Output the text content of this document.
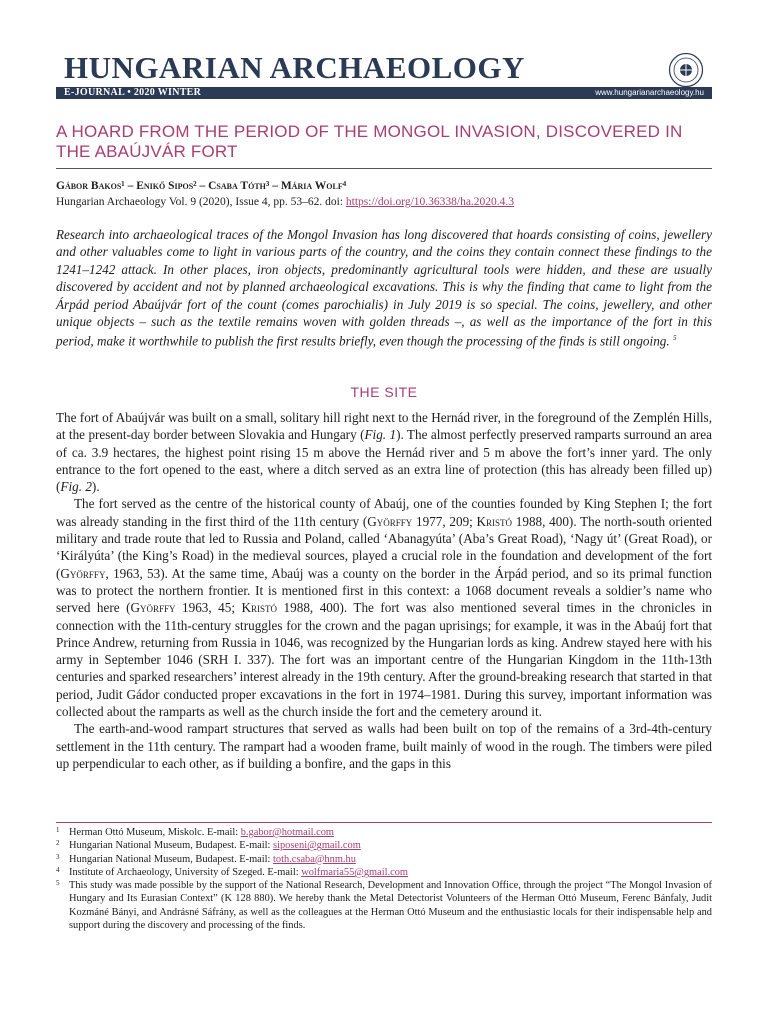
HUNGARIAN ARCHAEOLOGY
E-JOURNAL • 2020 WINTER	www.hungarianarchaeology.hu
A HOARD FROM THE PERIOD OF THE MONGOL INVASION, DISCOVERED IN THE ABAÚJVÁR FORT
Gábor Bakos¹ – Enikő Sipos² – Csaba Tóth³ – Mária Wolf⁴
Hungarian Archaeology Vol. 9 (2020), Issue 4, pp. 53–62. doi: https://doi.org/10.36338/ha.2020.4.3
Research into archaeological traces of the Mongol Invasion has long discovered that hoards consisting of coins, jewellery and other valuables come to light in various parts of the country, and the coins they contain connect these findings to the 1241–1242 attack. In other places, iron objects, predominantly agricultural tools were hidden, and these are usually discovered by accident and not by planned archaeological excavations. This is why the finding that came to light from the Árpád period Abaújvár fort of the count (comes parochialis) in July 2019 is so special. The coins, jewellery, and other unique objects – such as the textile remains woven with golden threads –, as well as the importance of the fort in this period, make it worthwhile to publish the first results briefly, even though the processing of the finds is still ongoing. $^5$
THE SITE

The fort of Abaújvár was built on a small, solitary hill right next to the Hernád river, in the foreground of the Zemplén Hills, at the present-day border between Slovakia and Hungary (Fig. 1). The almost perfectly preserved ramparts surround an area of ca. 3.9 hectares, the highest point rising 15 m above the Hernád river and 5 m above the fort’s inner yard. The only entrance to the fort opened to the east, where a ditch served as an extra line of protection (this has already been filled up) (Fig. 2).

The fort served as the centre of the historical county of Abaúj, one of the counties founded by King Stephen I; the fort was already standing in the first third of the 11th century (Györffy 1977, 209; Kristó 1988, 400). The north-south oriented military and trade route that led to Russia and Poland, called ‘Abanagyúta’ (Aba’s Great Road), ‘Nagy út’ (Great Road), or ‘Királyúta’ (the King’s Road) in the medieval sources, played a crucial role in the foundation and development of the fort (Györffy, 1963, 53). At the same time, Abaúj was a county on the border in the Árpád period, and so its primal function was to protect the northern frontier. It is mentioned first in this context: a 1068 document reveals a soldier’s name who served here (Györffy 1963, 45; Kristó 1988, 400). The fort was also mentioned several times in the chronicles in connection with the 11th-century struggles for the crown and the pagan uprisings; for example, it was in the Abaúj fort that Prince Andrew, returning from Russia in 1046, was recognized by the Hungarian lords as king. Andrew stayed here with his army in September 1046 (SRH I. 337). The fort was an important centre of the Hungarian Kingdom in the 11th-13th centuries and sparked researchers’ interest already in the 19th century. After the ground-breaking research that started in that period, Judit Gádor conducted proper excavations in the fort in 1974–1981. During this survey, important information was collected about the ramparts as well as the church inside the fort and the cemetery around it.

The earth-and-wood rampart structures that served as walls had been built on top of the remains of a 3rd-4th-century settlement in the 11th century. The rampart had a wooden frame, built mainly of wood in the rough. The timbers were piled up perpendicular to each other, as if building a bonfire, and the gaps in this

1 Herman Ottó Museum, Miskolc. E-mail: b.gabor@hotmail.com
2 Hungarian National Museum, Budapest. E-mail: siposeni@gmail.com
3 Hungarian National Museum, Budapest. E-mail: toth.csaba@hnm.hu
4 Institute of Archaeology, University of Szeged. E-mail: wolfmaria55@gmail.com
5 This study was made possible by the support of the National Research, Development and Innovation Office, through the project “The Mongol Invasion of Hungary and Its Eurasian Context” (K 128 880). We hereby thank the Metal Detectorist Volunteers of the Herman Ottó Museum, Ferenc Bánfaly, Judit Kozmáné Bányi, and Andrásné Sáfrány, as well as the colleagues at the Herman Ottó Museum and the enthusiastic locals for their indispensable help and support during the discovery and processing of the finds.
